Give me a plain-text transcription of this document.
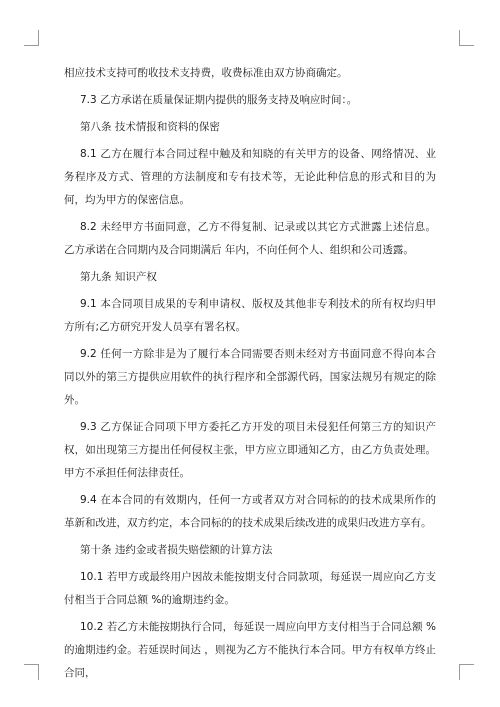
相应技术支持可酌收技术支持费，收费标准由双方协商确定。

7.3 乙方承诺在质量保证期内提供的服务支持及响应时间：。

第八条 技术情报和资料的保密

8.1 乙方在履行本合同过程中触及和知晓的有关甲方的设备、网络情况、业务程序及方式、管理的方法制度和专有技术等，无论此种信息的形式和目的为何，均为甲方的保密信息。

8.2 未经甲方书面同意，乙方不得复制、记录或以其它方式泄露上述信息。乙方承诺在合同期内及合同期满后 年内，不向任何个人、组织和公司透露。

第九条 知识产权

9.1 本合同项目成果的专利申请权、版权及其他非专利技术的所有权均归甲方所有;乙方研究开发人员享有署名权。

9.2 任何一方除非是为了履行本合同需要否则未经对方书面同意不得向本合同以外的第三方提供应用软件的执行程序和全部源代码，国家法规另有规定的除外。

9.3 乙方保证合同项下甲方委托乙方开发的项目未侵犯任何第三方的知识产权，如出现第三方提出任何侵权主张，甲方应立即通知乙方，由乙方负责处理。甲方不承担任何法律责任。

9.4 在本合同的有效期内，任何一方或者双方对合同标的的技术成果所作的革新和改进，双方约定，本合同标的的技术成果后续改进的成果归改进方享有。

第十条 违约金或者损失赔偿额的计算方法

10.1 若甲方或最终用户因故未能按期支付合同款项，每延误一周应向乙方支付相当于合同总额 %的逾期违约金。

10.2 若乙方未能按期执行合同，每延误一周应向甲方支付相当于合同总额 %的逾期违约金。若延误时间达 ，则视为乙方不能执行本合同。甲方有权单方终止合同，
